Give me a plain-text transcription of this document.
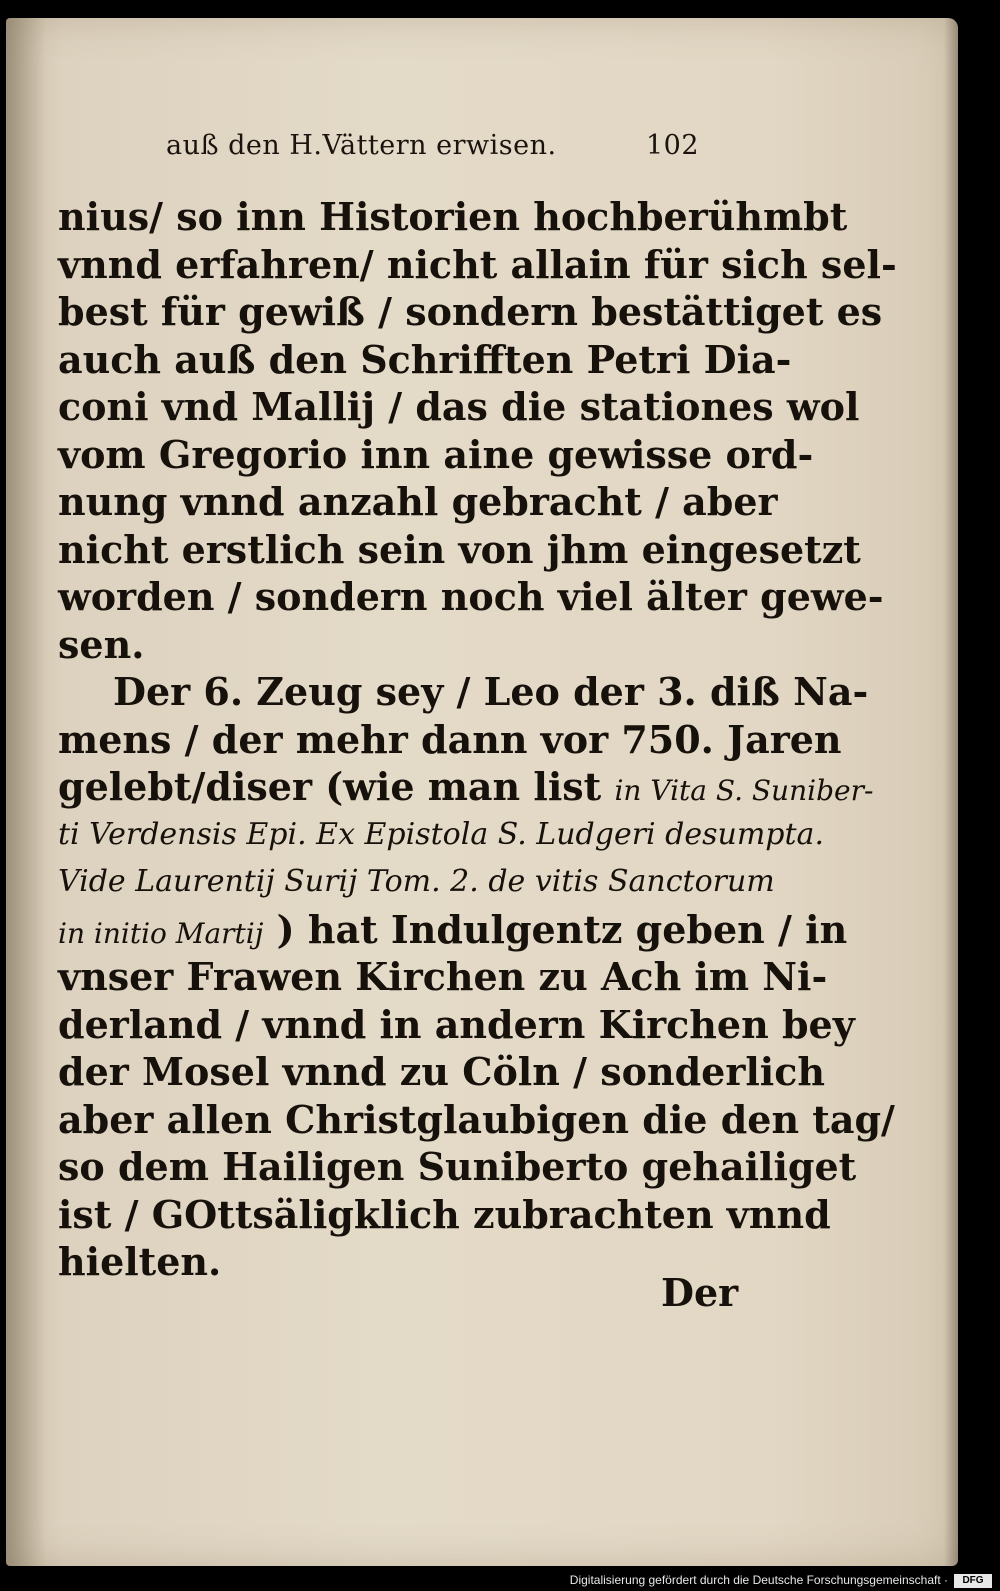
auß den H.Vättern erwisen.	102
nius/ so inn Historien hochberühmbt
vnnd erfahren/ nicht allain für sich sel-
best für gewiß / sondern bestättiget es
auch auß den Schrifften Petri Dia-
coni vnd Mallij / das die stationes wol
vom Gregorio inn aine gewisse ord-
nung vnnd anzahl gebracht / aber
nicht erstlich sein von jhm eingesetzt
worden / sondern noch viel älter gewe-
sen.
Der 6. Zeug sey / Leo der 3. diß Na-
mens / der mehr dann vor 750. Jaren
gelebt/diser (wie man list in Vita S. Suniber-
ti Verdensis Epi. Ex Epistola S. Ludgeri desumpta.
Vide Laurentij Surij Tom. 2. de vitis Sanctorum
in initio Martij ) hat Indulgentz geben / in
vnser Frawen Kirchen zu Ach im Ni-
derland / vnnd in andern Kirchen bey
der Mosel vnnd zu Cöln / sonderlich
aber allen Christglaubigen die den tag/
so dem Hailigen Suniberto gehailiget
ist / GOttsäligklich zubrachten vnnd
hielten.
Der
Digitalisierung gefördert durch die Deutsche Forschungsgemeinschaft ·	DFG
